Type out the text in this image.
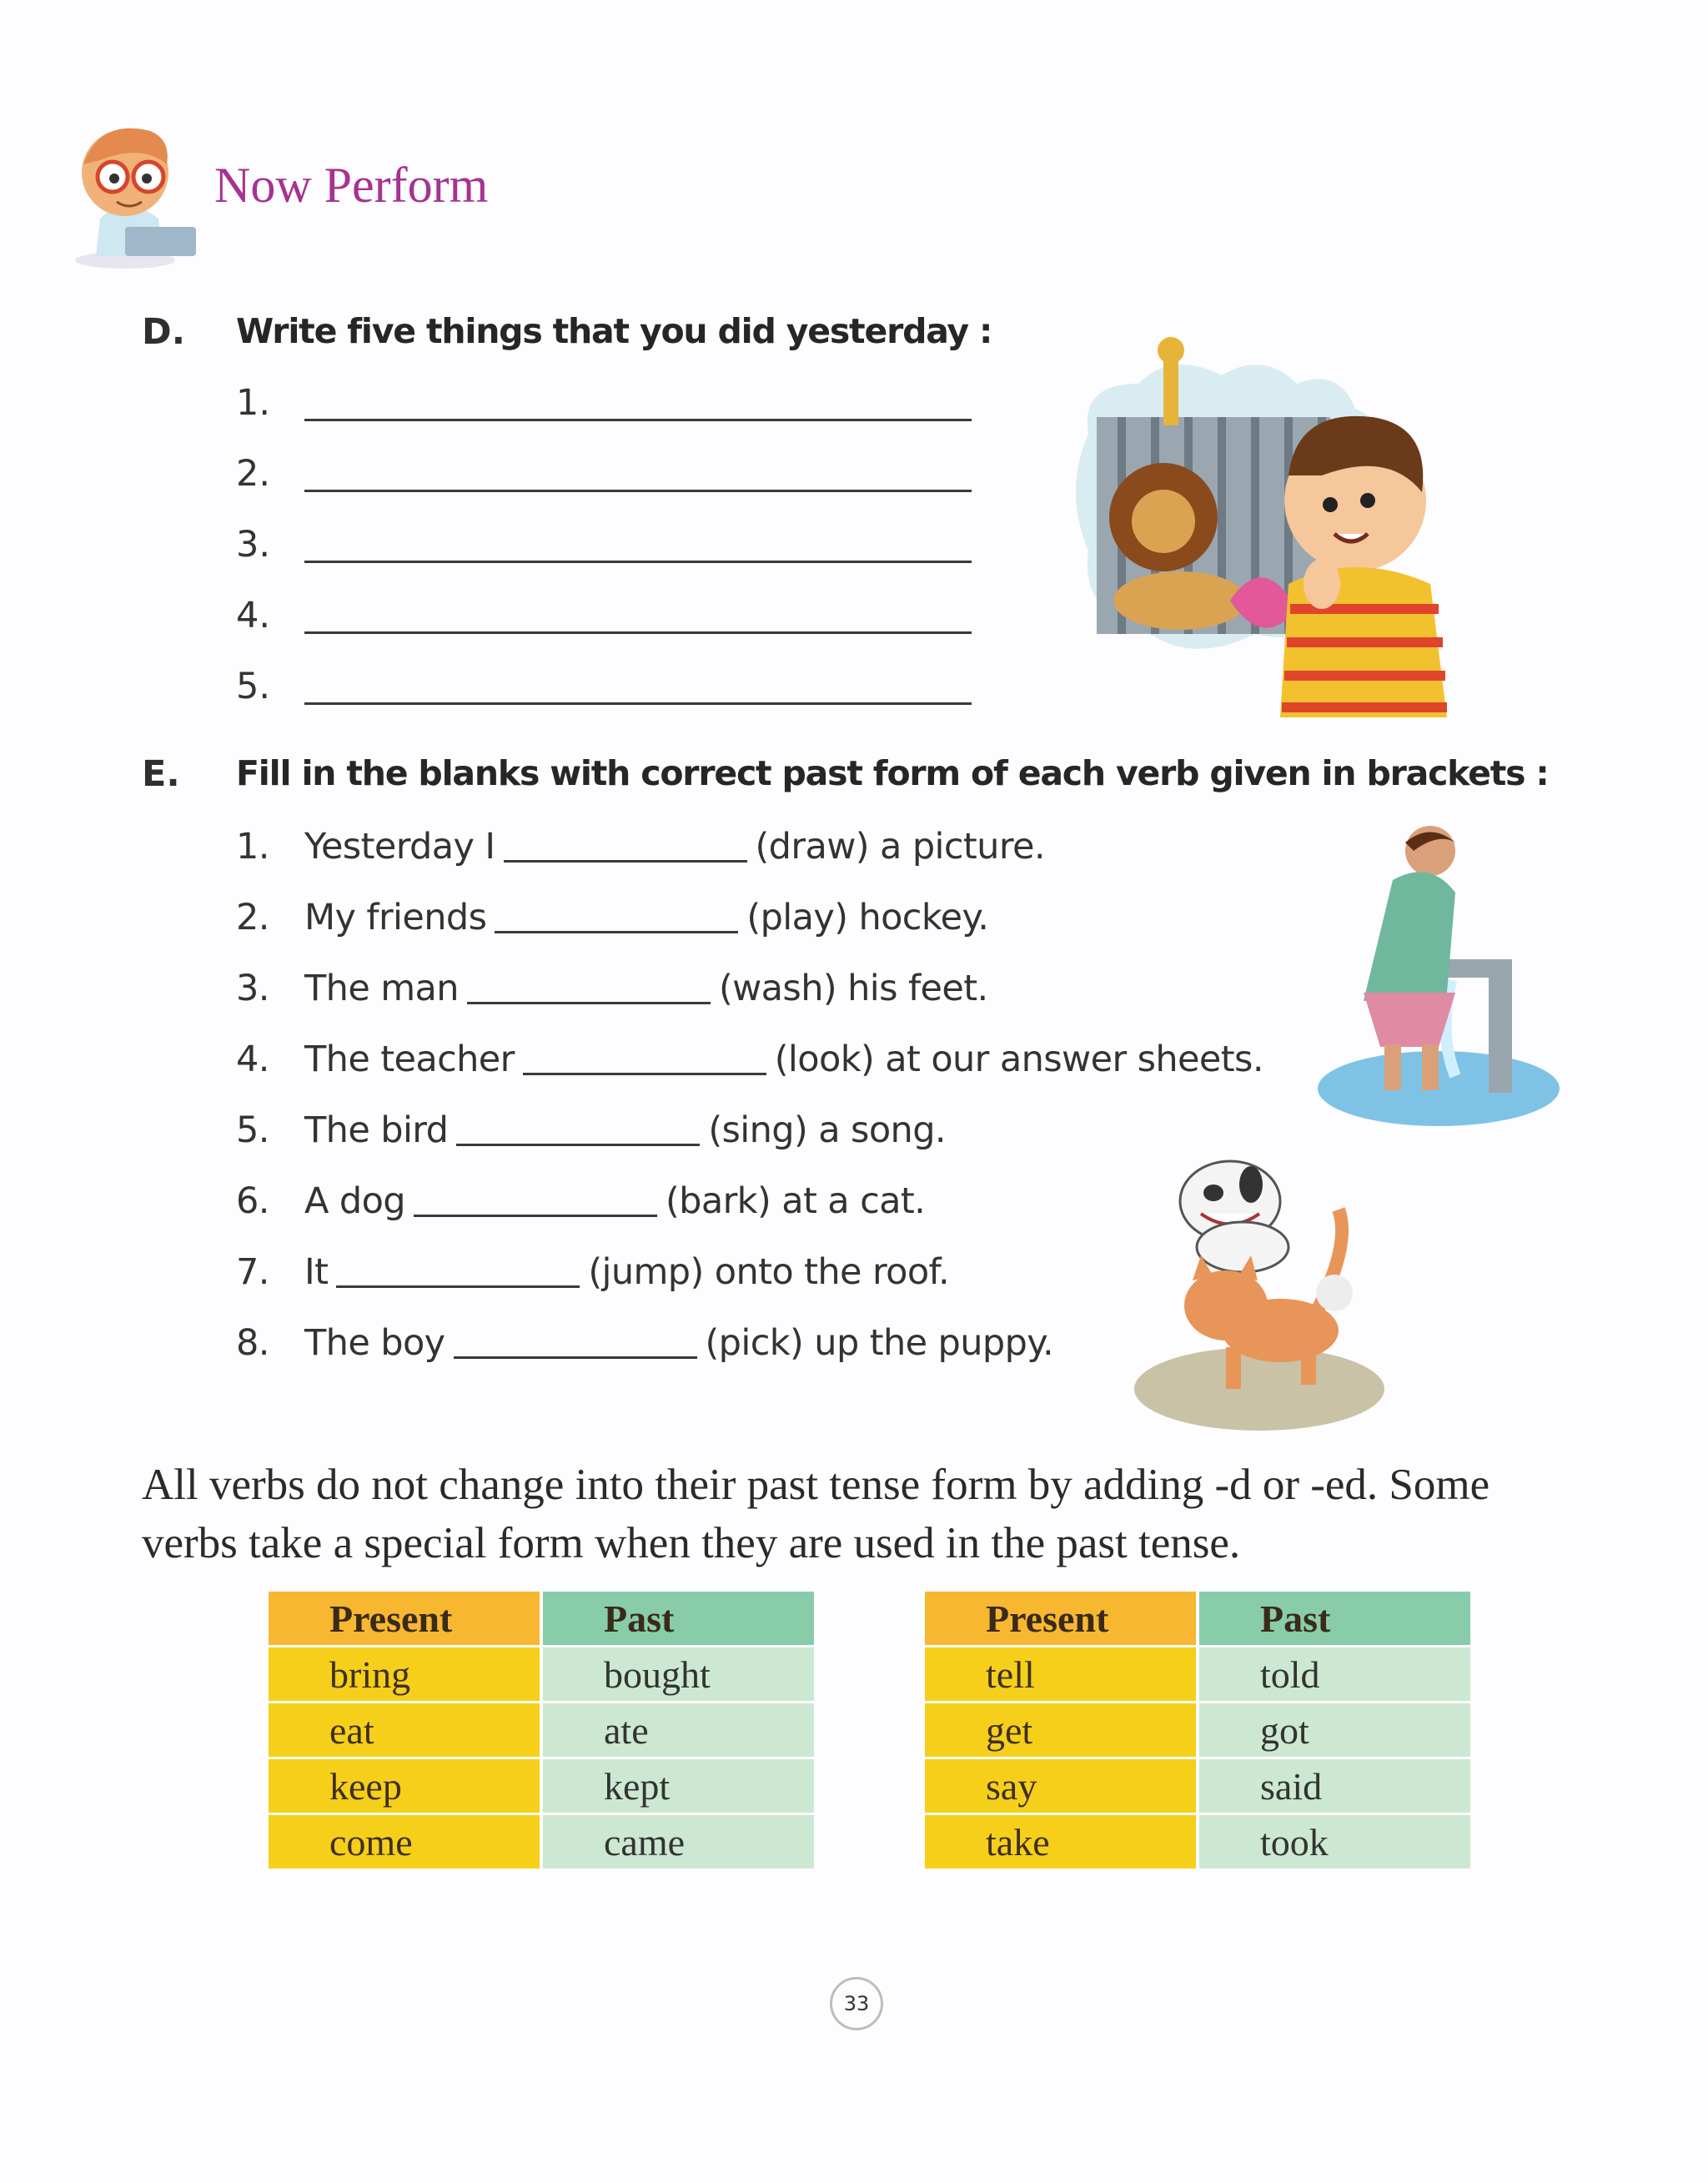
Now Perform
D. Write five things that you did yesterday :
1.
2.
3.
4.
5.
E. Fill in the blanks with correct past form of each verb given in brackets :
1. Yesterday I	(draw) a picture.
2. My friends	(play) hockey.
3. The man	(wash) his feet.
4. The teacher	(look) at our answer sheets.
5. The bird	(sing) a song.
6. A dog	(bark) at a cat.
7. It	(jump) onto the roof.
8. The boy	(pick) up the puppy.
All verbs do not change into their past tense form by adding -d or -ed. Some verbs take a special form when they are used in the past tense.
Present	Past
bring	bought
eat	ate
keep	kept
come	came
Present	Past
tell	told
get	got
say	said
take	took
33
